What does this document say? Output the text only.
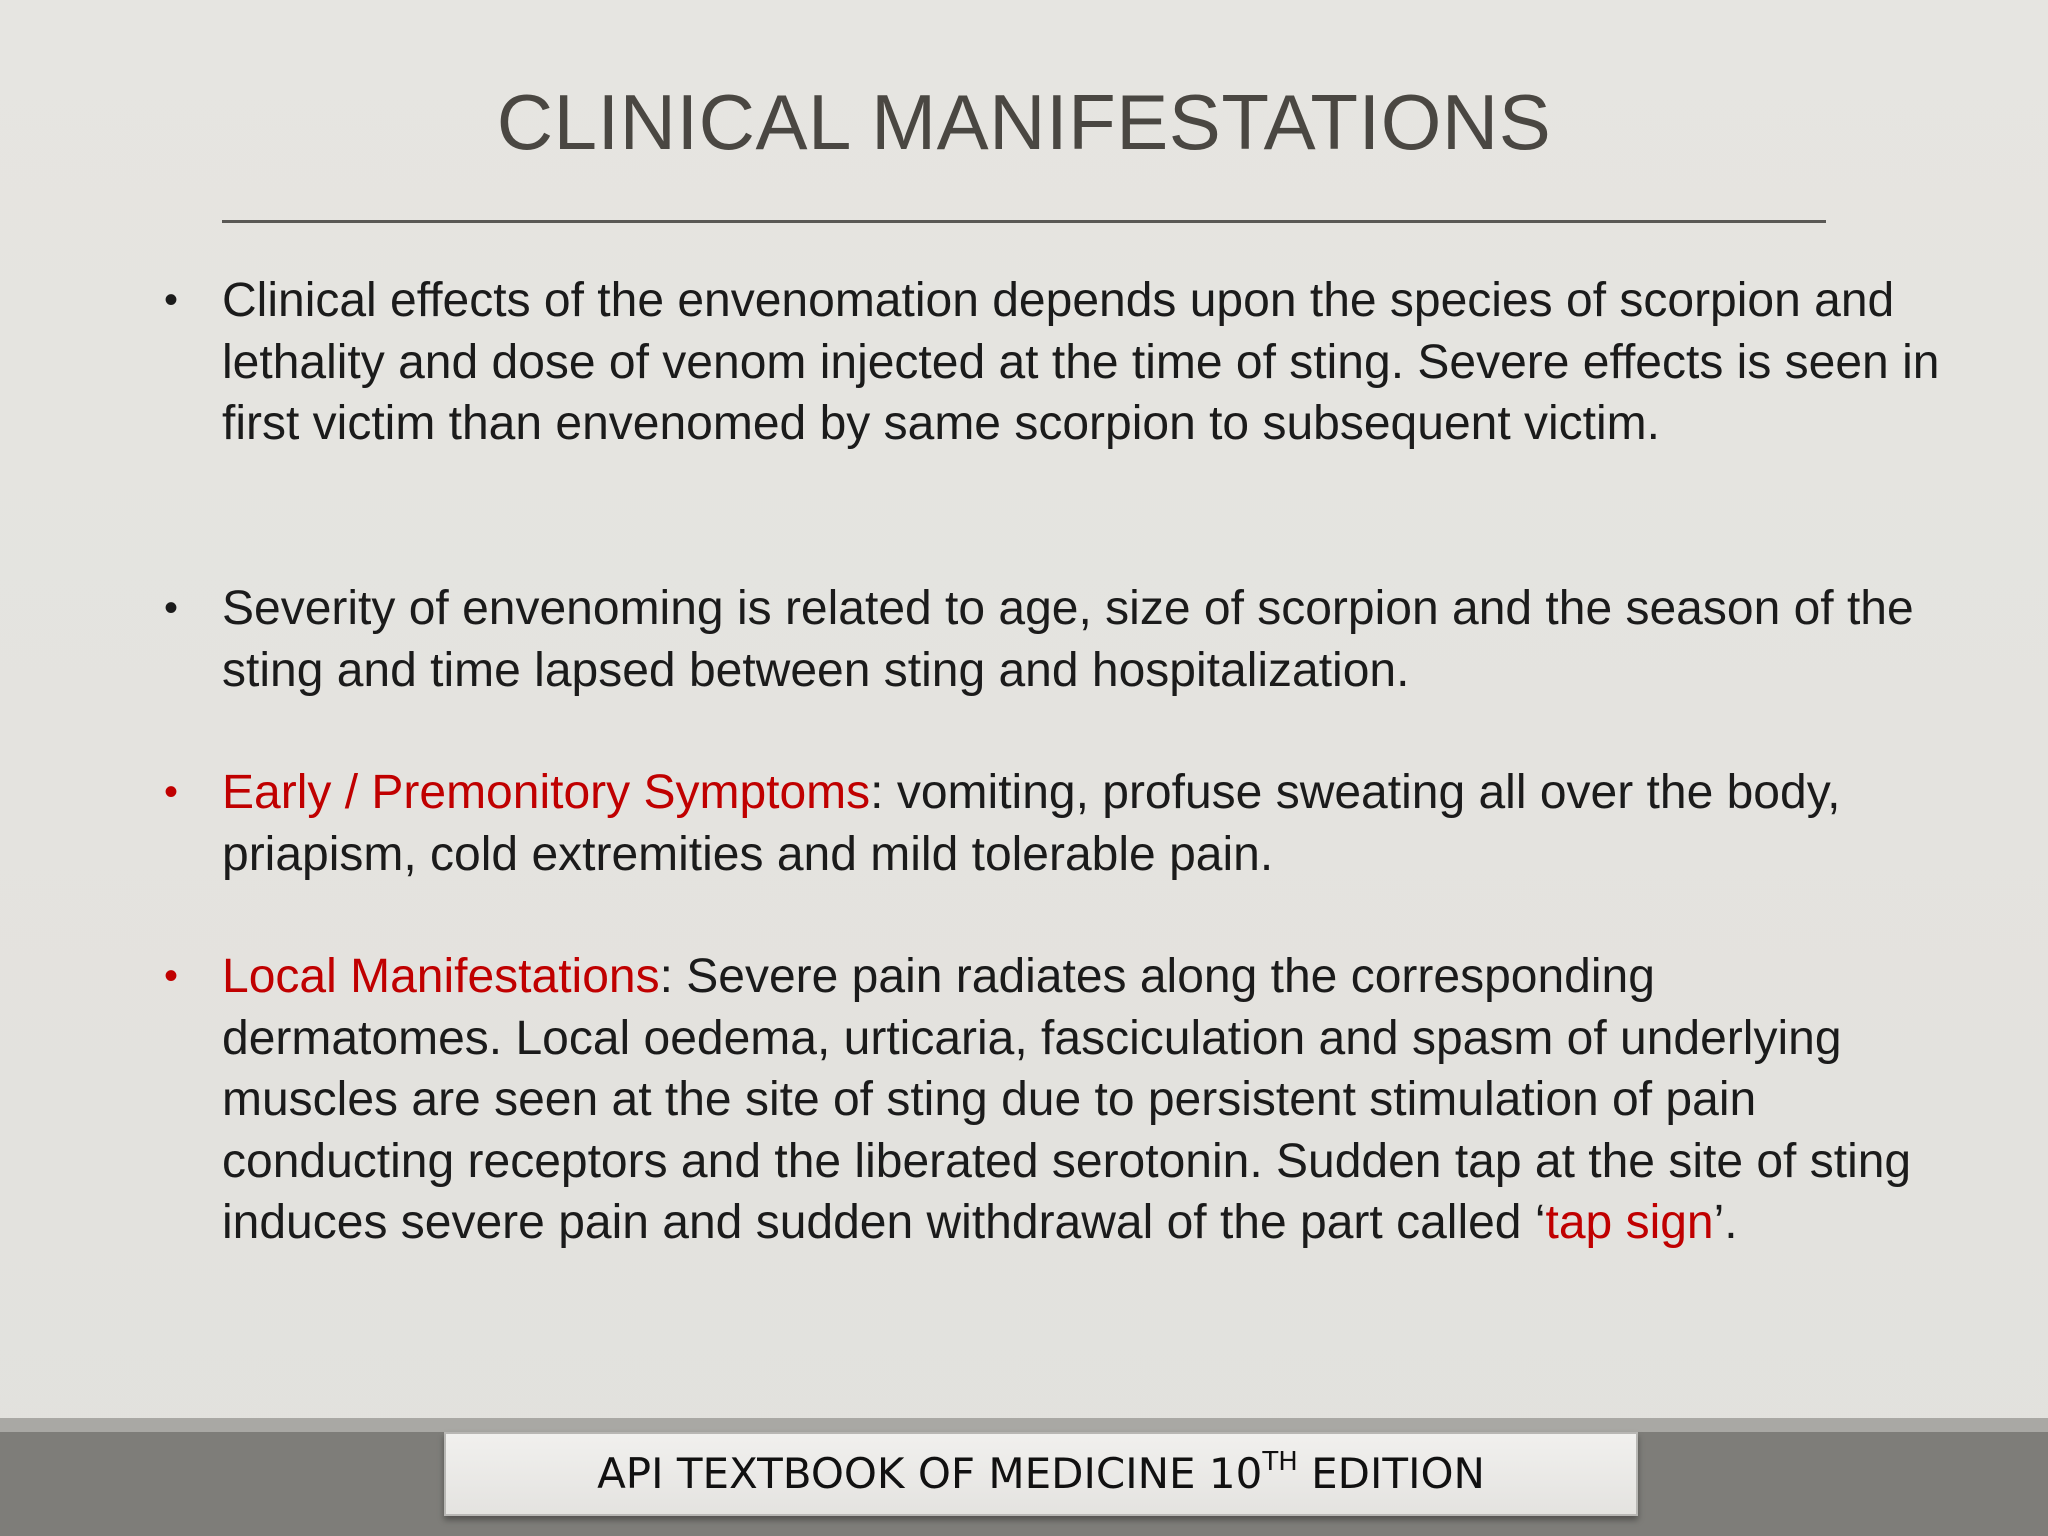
CLINICAL MANIFESTATIONS
• Clinical effects of the envenomation depends upon the species of scorpion and lethality and dose of venom injected at the time of sting. Severe effects is seen in first victim than envenomed by same scorpion to subsequent victim.
• Severity of envenoming is related to age, size of scorpion and the season of the sting and time lapsed between sting and hospitalization.
• Early / Premonitory Symptoms: vomiting, profuse sweating all over the body, priapism, cold extremities and mild tolerable pain.
• Local Manifestations: Severe pain radiates along the corresponding dermatomes. Local oedema, urticaria, fasciculation and spasm of underlying muscles are seen at the site of sting due to persistent stimulation of pain conducting receptors and the liberated serotonin. Sudden tap at the site of sting induces severe pain and sudden withdrawal of the part called ‘tap sign’.
API TEXTBOOK OF MEDICINE 10TH EDITION
